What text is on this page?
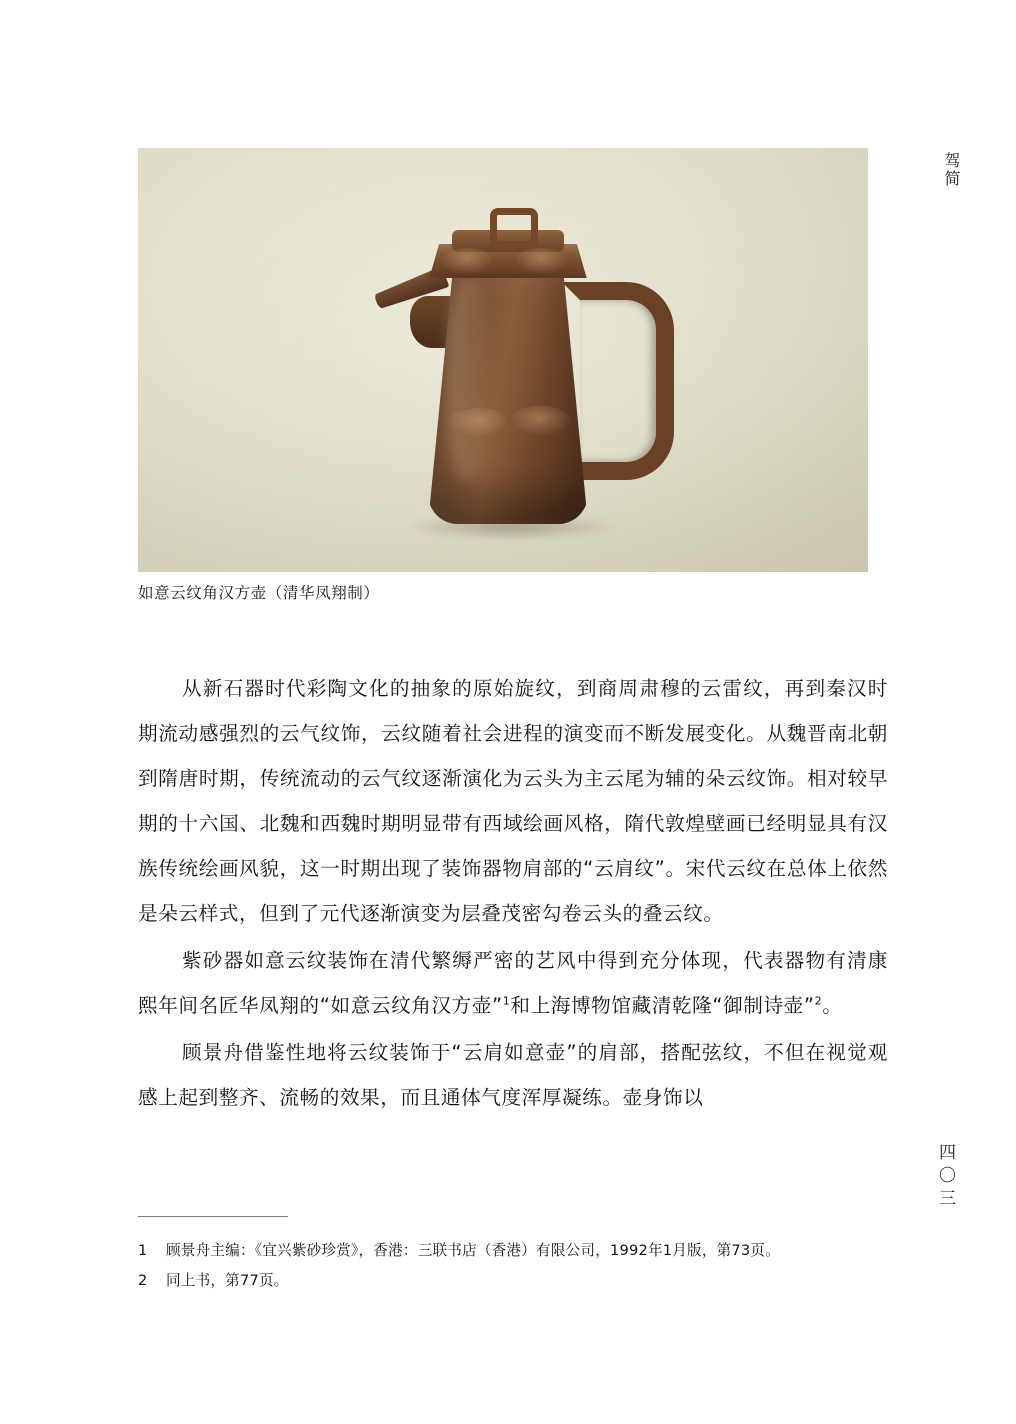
如意云纹角汉方壶（清华凤翔制）
驾简
四〇三

从新石器时代彩陶文化的抽象的原始旋纹，到商周肃穆的云雷纹，再到秦汉时期流动感强烈的云气纹饰，云纹随着社会进程的演变而不断发展变化。从魏晋南北朝到隋唐时期，传统流动的云气纹逐渐演化为云头为主云尾为辅的朵云纹饰。相对较早期的十六国、北魏和西魏时期明显带有西域绘画风格，隋代敦煌壁画已经明显具有汉族传统绘画风貌，这一时期出现了装饰器物肩部的“云肩纹”。宋代云纹在总体上依然是朵云样式，但到了元代逐渐演变为层叠茂密勾卷云头的叠云纹。

紫砂器如意云纹装饰在清代繁缛严密的艺风中得到充分体现，代表器物有清康熙年间名匠华凤翔的“如意云纹角汉方壶”$^1$和上海博物馆藏清乾隆“御制诗壶”$^2$。

顾景舟借鉴性地将云纹装饰于“云肩如意壶”的肩部，搭配弦纹，不但在视觉观感上起到整齐、流畅的效果，而且通体气度浑厚凝练。壶身饰以

1	顾景舟主编：《宜兴紫砂珍赏》，香港：三联书店（香港）有限公司，1992年1月版，第73页。
2	同上书，第77页。
